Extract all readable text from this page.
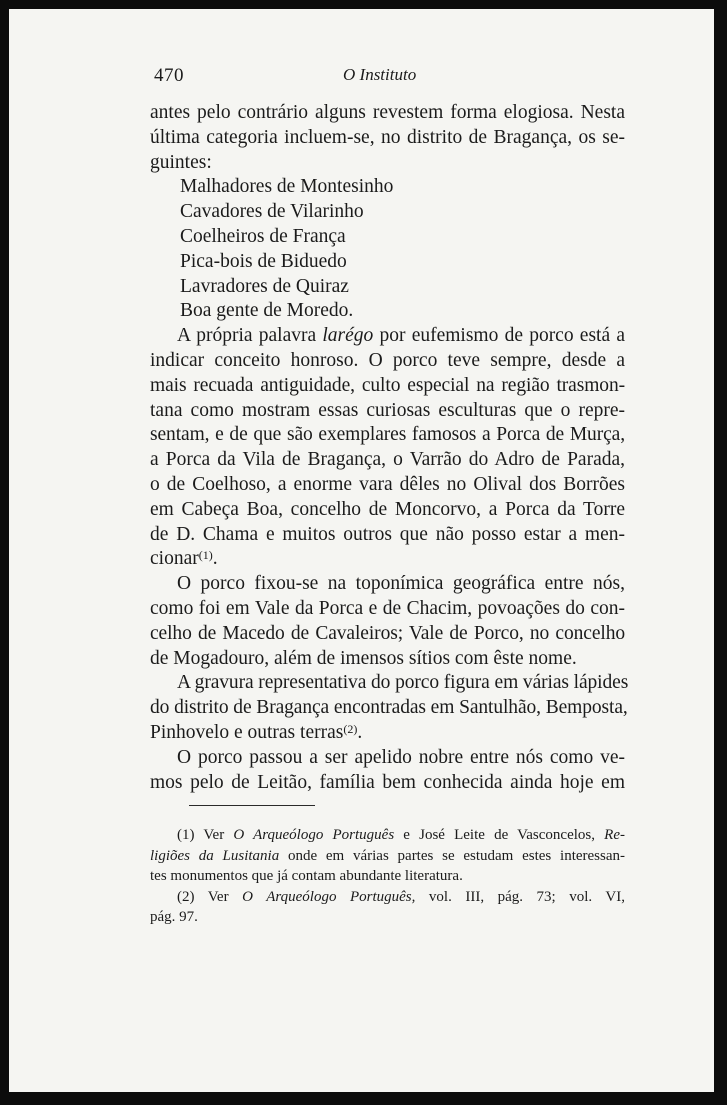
470	O Instituto
antes pelo contrário alguns revestem forma elogiosa. Nesta
última categoria incluem-se, no distrito de Bragança, os se-
guintes:
Malhadores de Montesinho
Cavadores de Vilarinho
Coelheiros de França
Pica-bois de Biduedo
Lavradores de Quiraz
Boa gente de Moredo.
A própria palavra larégo por eufemismo de porco está a
indicar conceito honroso. O porco teve sempre, desde a
mais recuada antiguidade, culto especial na região trasmon-
tana como mostram essas curiosas esculturas que o repre-
sentam, e de que são exemplares famosos a Porca de Murça,
a Porca da Vila de Bragança, o Varrão do Adro de Parada,
o de Coelhoso, a enorme vara dêles no Olival dos Borrões
em Cabeça Boa, concelho de Moncorvo, a Porca da Torre
de D. Chama e muitos outros que não posso estar a men-
cionar$^{(1)}$.
O porco fixou-se na toponímica geográfica entre nós,
como foi em Vale da Porca e de Chacim, povoações do con-
celho de Macedo de Cavaleiros; Vale de Porco, no concelho
de Mogadouro, além de imensos sítios com êste nome.
A gravura representativa do porco figura em várias lápides
do distrito de Bragança encontradas em Santulhão, Bemposta,
Pinhovelo e outras terras$^{(2)}$.
O porco passou a ser apelido nobre entre nós como ve-
mos pelo de Leitão, família bem conhecida ainda hoje em
(1) Ver O Arqueólogo Português e José Leite de Vasconcelos, Re-
ligiões da Lusitania onde em várias partes se estudam estes interessan-
tes monumentos que já contam abundante literatura.
(2) Ver O Arqueólogo Português, vol. III, pág. 73; vol. VI,
pág. 97.
